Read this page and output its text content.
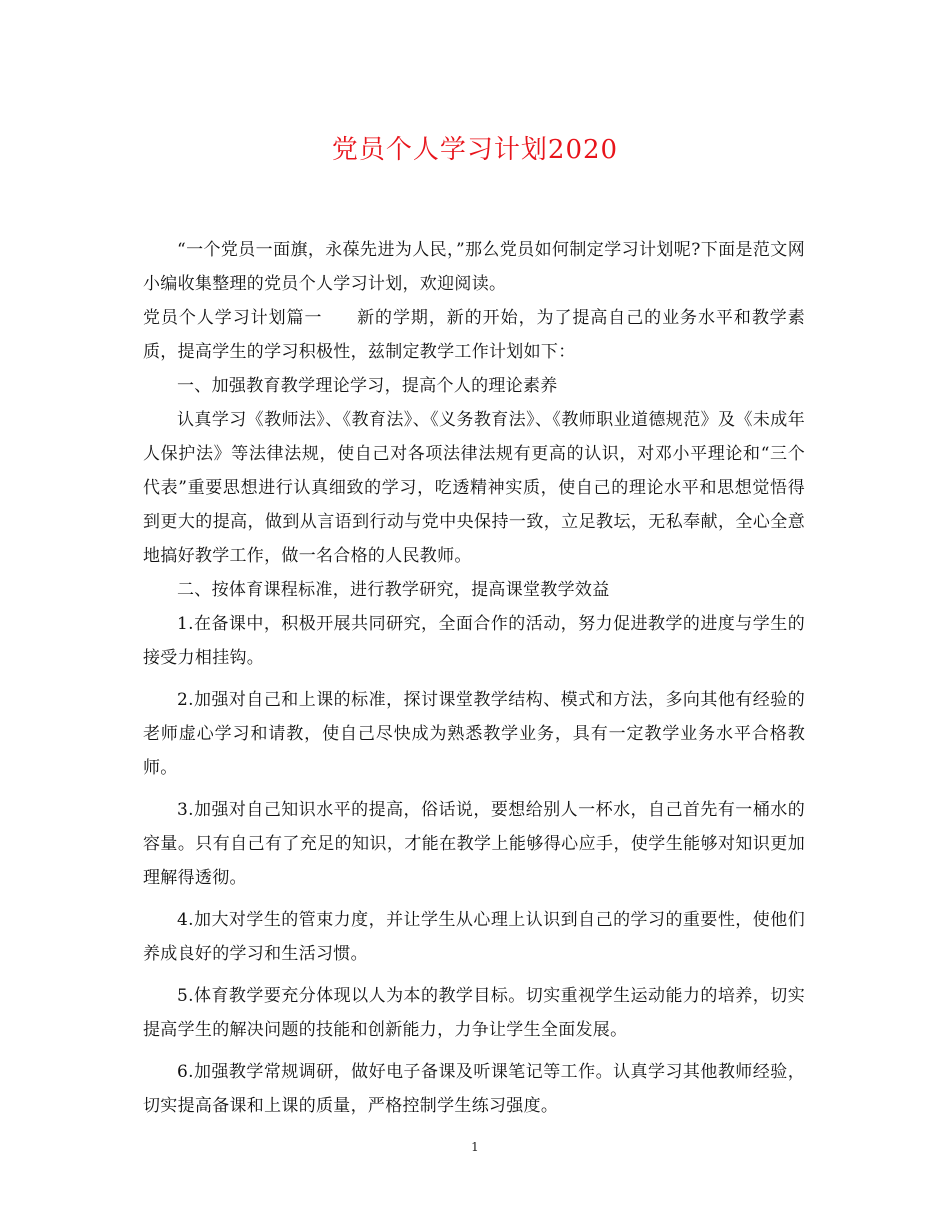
党员个人学习计划2020

“一个党员一面旗，永葆先进为人民，”那么党员如何制定学习计划呢?下面是范文网小编收集整理的党员个人学习计划，欢迎阅读。

党员个人学习计划篇一 新的学期，新的开始，为了提高自己的业务水平和教学素质，提高学生的学习积极性，兹制定教学工作计划如下：

一、加强教育教学理论学习，提高个人的理论素养

认真学习《教师法》、《教育法》、《义务教育法》、《教师职业道德规范》及《未成年人保护法》等法律法规，使自己对各项法律法规有更高的认识，对邓小平理论和“三个代表”重要思想进行认真细致的学习，吃透精神实质，使自己的理论水平和思想觉悟得到更大的提高，做到从言语到行动与党中央保持一致，立足教坛，无私奉献，全心全意地搞好教学工作，做一名合格的人民教师。

二、按体育课程标准，进行教学研究，提高课堂教学效益

1.在备课中，积极开展共同研究，全面合作的活动，努力促进教学的进度与学生的接受力相挂钩。

2.加强对自己和上课的标准，探讨课堂教学结构、模式和方法，多向其他有经验的老师虚心学习和请教，使自己尽快成为熟悉教学业务，具有一定教学业务水平合格教师。

3.加强对自己知识水平的提高，俗话说，要想给别人一杯水，自己首先有一桶水的容量。只有自己有了充足的知识，才能在教学上能够得心应手，使学生能够对知识更加理解得透彻。

4.加大对学生的管束力度，并让学生从心理上认识到自己的学习的重要性，使他们养成良好的学习和生活习惯。

5.体育教学要充分体现以人为本的教学目标。切实重视学生运动能力的培养，切实提高学生的解决问题的技能和创新能力，力争让学生全面发展。

6.加强教学常规调研，做好电子备课及听课笔记等工作。认真学习其他教师经验，切实提高备课和上课的质量，严格控制学生练习强度。

1
